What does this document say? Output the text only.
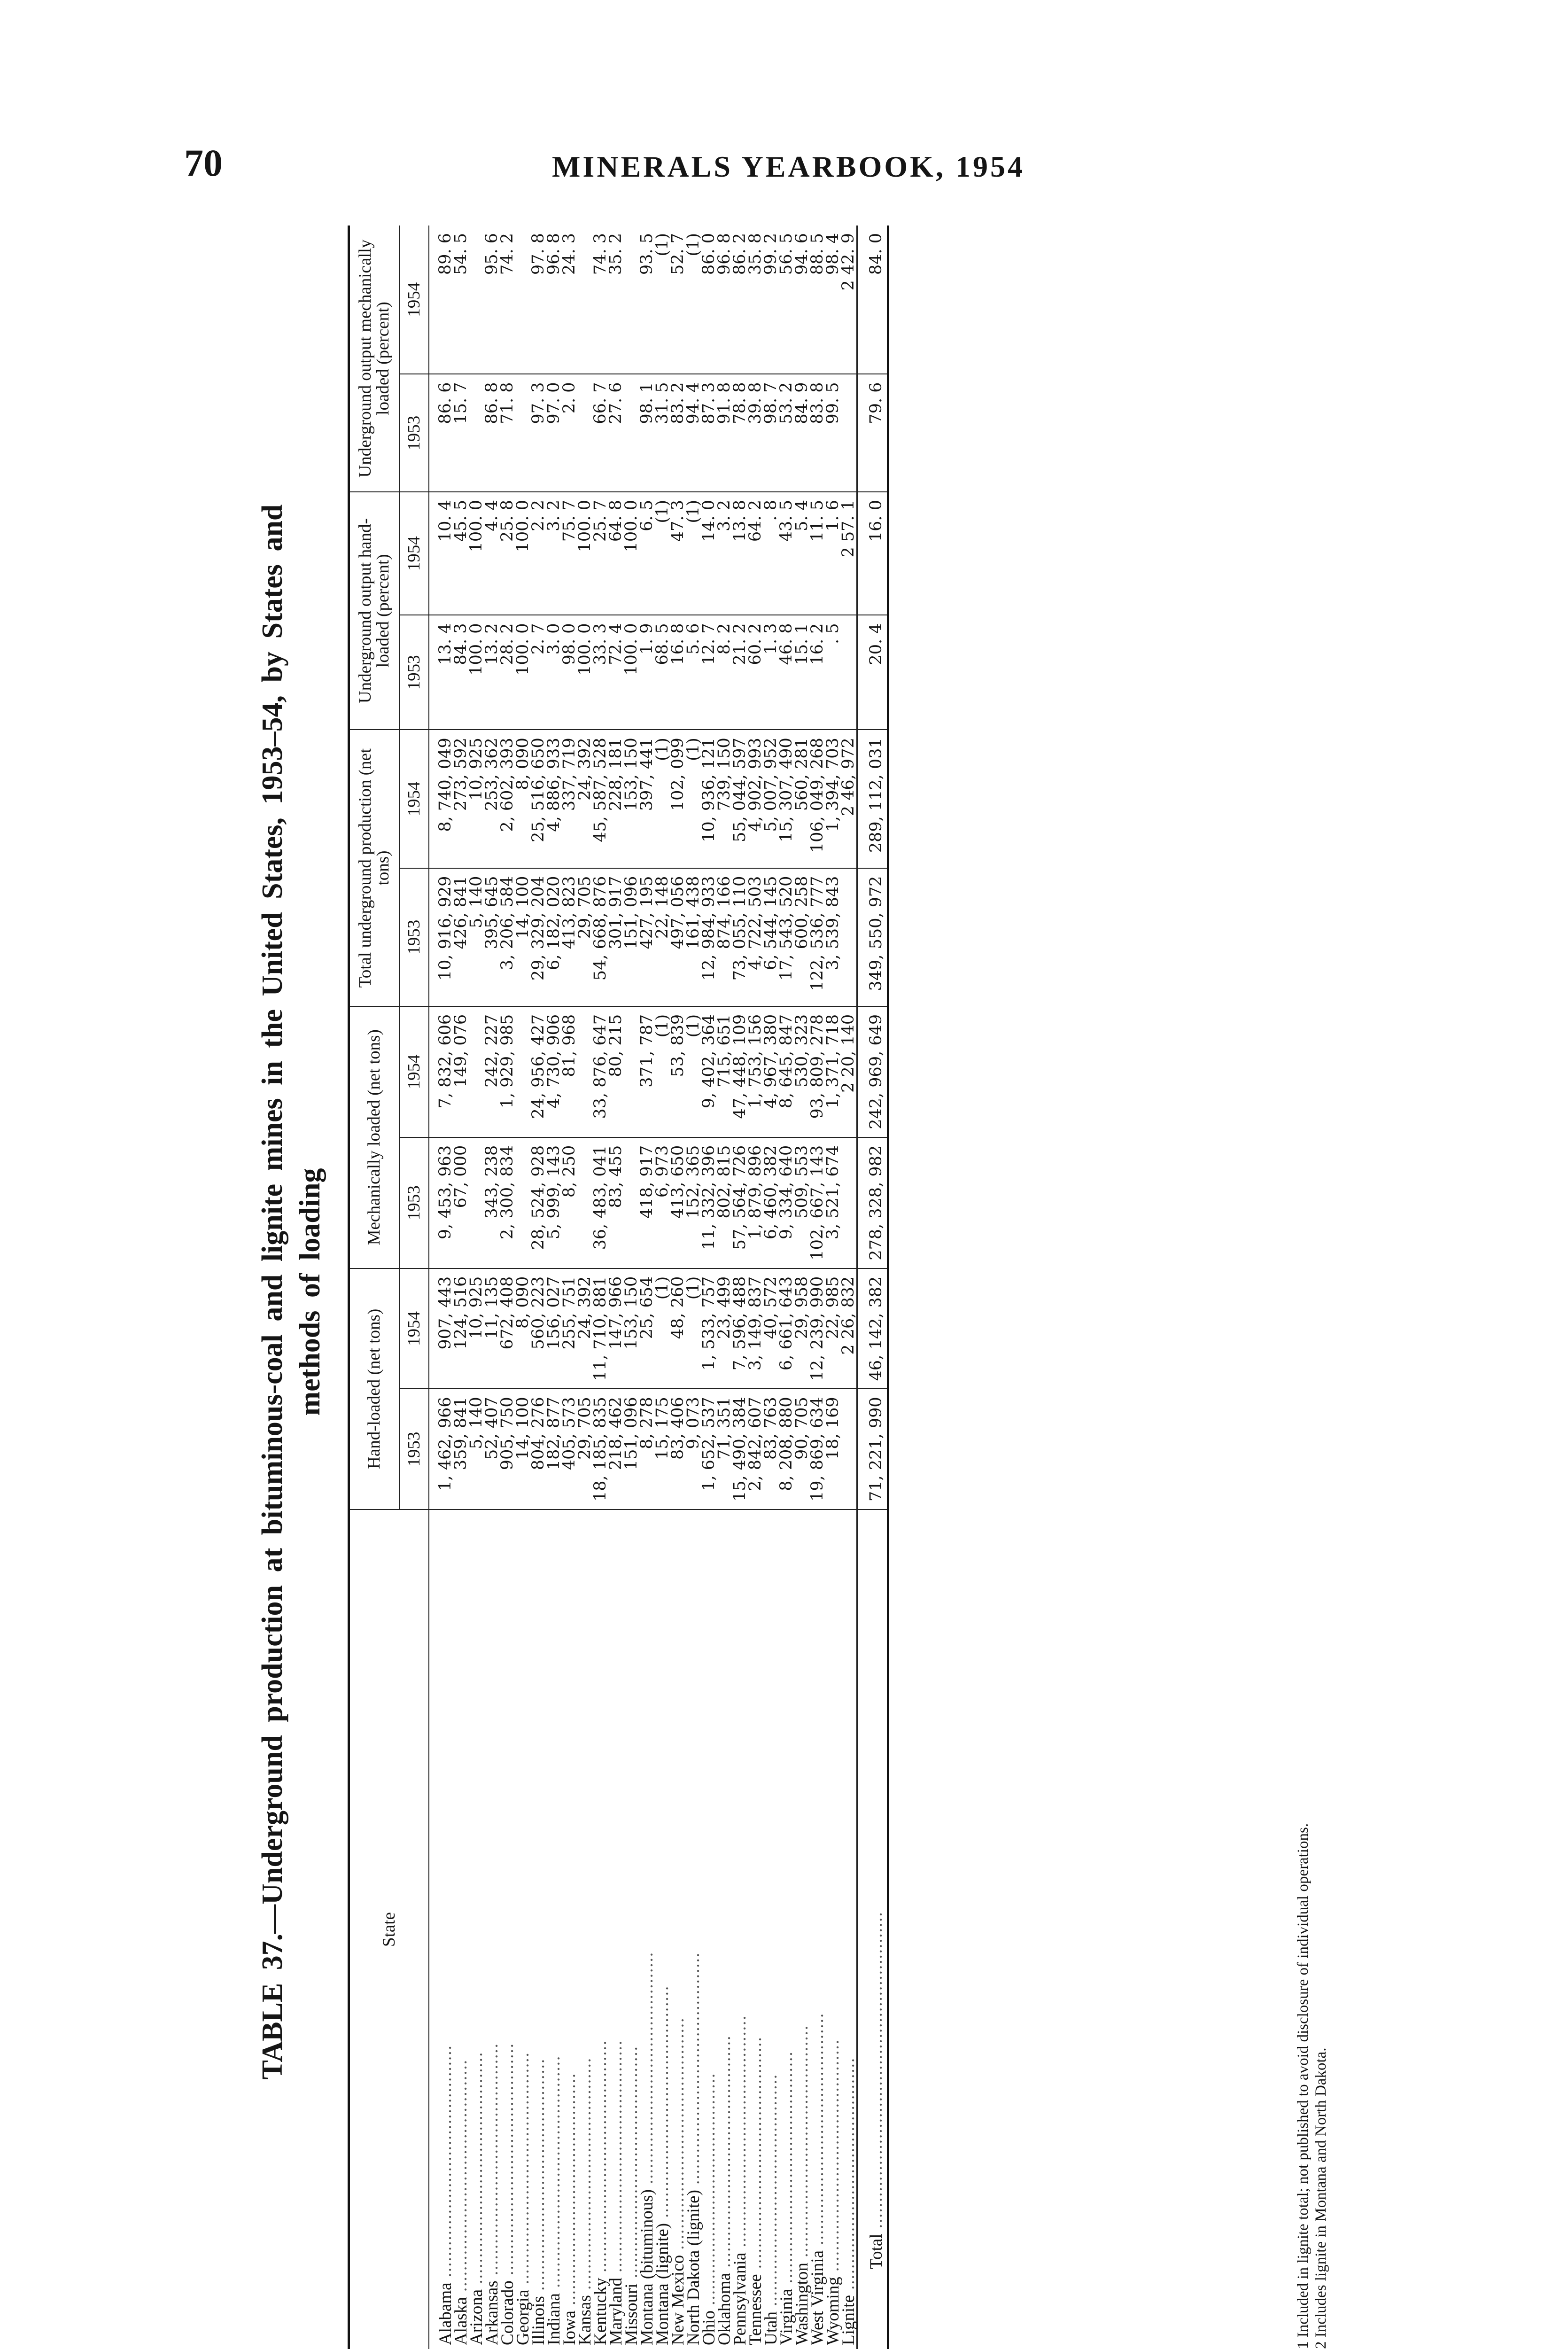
70	MINERALS YEARBOOK, 1954
TABLE 37.—Underground production at bituminous-coal and lignite mines in the United States, 1953–54, by States and methods of loading
State	Hand-loaded (net tons)		Mechanically loaded (net tons)		Total underground production (net tons)		Underground output hand-loaded (percent)		Underground output mechanically loaded (percent)	
	1953	1954	1953	1954	1953	1954	1953	1954	1953	1954
Alabama ............................................	1, 462, 966	907, 443	9, 453, 963	7, 832, 606	10, 916, 929	8, 740, 049	13. 4	10. 4	86. 6	89. 6
Alaska ............................................	359, 841	124, 516	67, 000	149, 076	426, 841	273, 592	84. 3	45. 5	15. 7	54. 5
Arizona ............................................	5, 140	10, 925			5, 140	10, 925	100. 0	100. 0		
Arkansas ............................................	52, 407	11, 135	343, 238	242, 227	395, 645	253, 362	13. 2	4. 4	86. 8	95. 6
Colorado ............................................	905, 750	672, 408	2, 300, 834	1, 929, 985	3, 206, 584	2, 602, 393	28. 2	25. 8	71. 8	74. 2
Georgia ............................................	14, 100	8, 090			14, 100	8, 090	100. 0	100. 0		
Illinois ............................................	804, 276	560, 223	28, 524, 928	24, 956, 427	29, 329, 204	25, 516, 650	2. 7	2. 2	97. 3	97. 8
Indiana ............................................	182, 877	156, 027	5, 999, 143	4, 730, 906	6, 182, 020	4, 886, 933	3. 0	3. 2	97. 0	96. 8
Iowa ............................................	405, 573	255, 751	8, 250	81, 968	413, 823	337, 719	98. 0	75. 7	2. 0	24. 3
Kansas ............................................	29, 705	24, 392			29, 705	24, 392	100. 0	100. 0		
Kentucky ............................................	18, 185, 835	11, 710, 881	36, 483, 041	33, 876, 647	54, 668, 876	45, 587, 528	33. 3	25. 7	66. 7	74. 3
Maryland ............................................	218, 462	147, 966	83, 455	80, 215	301, 917	228, 181	72. 4	64. 8	27. 6	35. 2
Missouri ............................................	151, 096	153, 150			151, 096	153, 150	100. 0	100. 0		
Montana (bituminous) ............................................	8, 278	25, 654	418, 917	371, 787	427, 195	397, 441	1. 9	6. 5	98. 1	93. 5
Montana (lignite) ............................................	15, 175	(1)	6, 973	(1)	22, 148	(1)	68. 5	(1)	31. 5	(1)
New Mexico ............................................	83, 406	48, 260	413, 650	53, 839	497, 056	102, 099	16. 8	47. 3	83. 2	52. 7
North Dakota (lignite) ............................................	9, 073	(1)	152, 365	(1)	161, 438	(1)	5. 6	(1)	94. 4	(1)
Ohio ............................................	1, 652, 537	1, 533, 757	11, 332, 396	9, 402, 364	12, 984, 933	10, 936, 121	12. 7	14. 0	87. 3	86. 0
Oklahoma ............................................	71, 351	23, 499	802, 815	715, 651	874, 166	739, 150	8. 2	3. 2	91. 8	96. 8
Pennsylvania ............................................	15, 490, 384	7, 596, 488	57, 564, 726	47, 448, 109	73, 055, 110	55, 044, 597	21. 2	13. 8	78. 8	86. 2
Tennessee ............................................	2, 842, 607	3, 149, 837	1, 879, 896	1, 753, 156	4, 722, 503	4, 902, 993	60. 2	64. 2	39. 8	35. 8
Utah ............................................	83, 763	40, 572	6, 460, 382	4, 967, 380	6, 544, 145	5, 007, 952	1. 3	. 8	98. 7	99. 2
Virginia ............................................	8, 208, 880	6, 661, 643	9, 334, 640	8, 645, 847	17, 543, 520	15, 307, 490	46. 8	43. 5	53. 2	56. 5
Washington ............................................	90, 705	29, 958	509, 553	530, 323	600, 258	560, 281	15. 1	5. 4	84. 9	94. 6
West Virginia ............................................	19, 869, 634	12, 239, 990	102, 667, 143	93, 809, 278	122, 536, 777	106, 049, 268	16. 2	11. 5	83. 8	88. 5
Wyoming ............................................	18, 169	22, 985	3, 521, 674	1, 371, 718	3, 539, 843	1, 394, 703	. 5	1. 6	99. 5	98. 4
Lignite ............................................		2 26, 832		2 20, 140		2 46, 972		2 57. 1		2 42. 9
Total ............................................................	71, 221, 990	46, 142, 382	278, 328, 982	242, 969, 649	349, 550, 972	289, 112, 031	20. 4	16. 0	79. 6	84. 0
1 Included in lignite total; not published to avoid disclosure of individual operations. 2 Includes lignite in Montana and North Dakota.
